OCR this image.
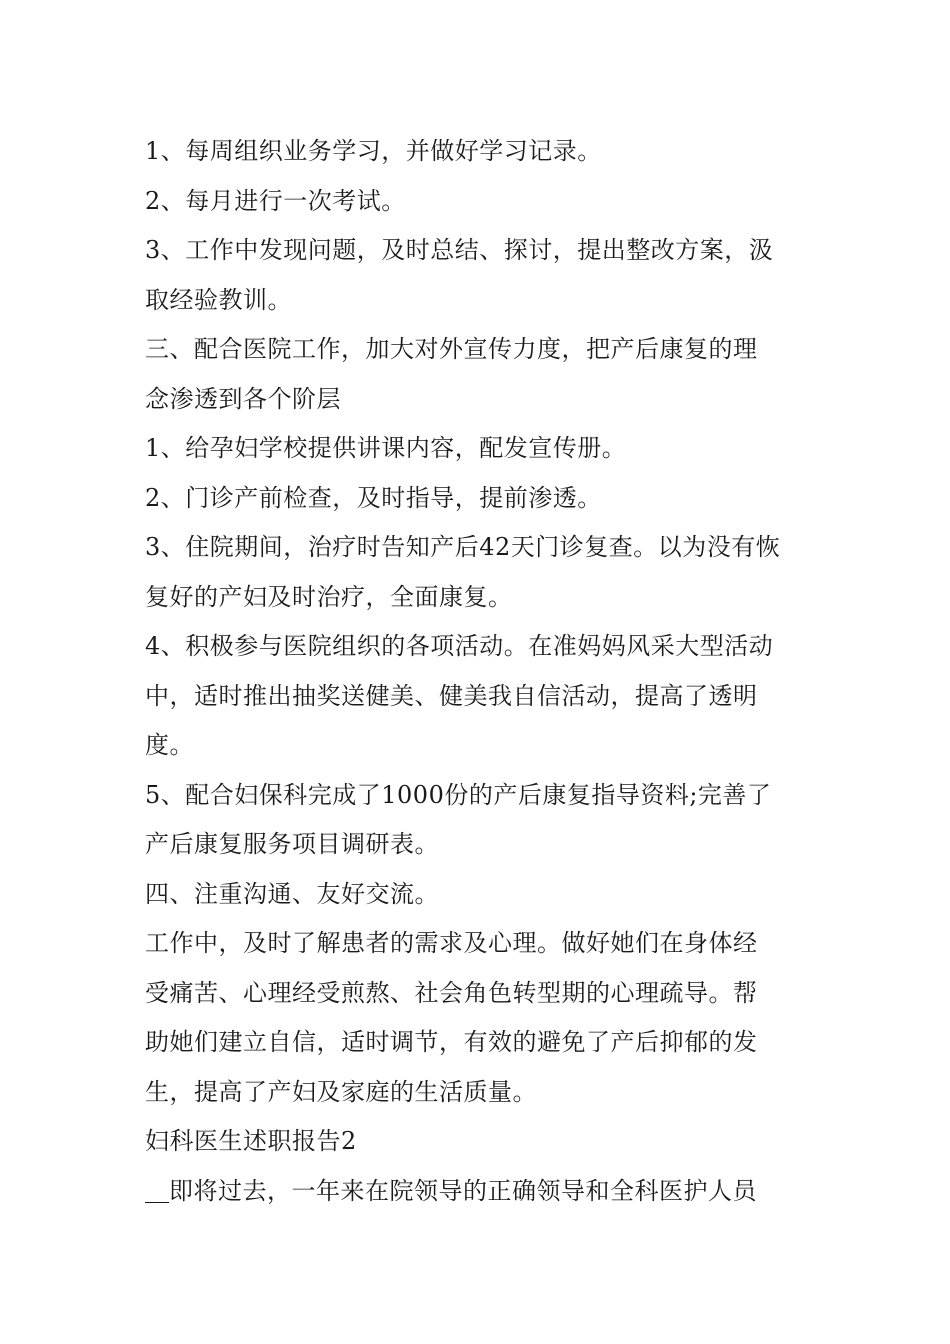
1、每周组织业务学习，并做好学习记录。
2、每月进行一次考试。
3、工作中发现问题，及时总结、探讨，提出整改方案，汲
取经验教训。
三、配合医院工作，加大对外宣传力度，把产后康复的理
念渗透到各个阶层
1、给孕妇学校提供讲课内容，配发宣传册。
2、门诊产前检查，及时指导，提前渗透。
3、住院期间，治疗时告知产后42天门诊复查。以为没有恢
复好的产妇及时治疗，全面康复。
4、积极参与医院组织的各项活动。在准妈妈风采大型活动
中，适时推出抽奖送健美、健美我自信活动，提高了透明
度。
5、配合妇保科完成了1000份的产后康复指导资料;完善了
产后康复服务项目调研表。
四、注重沟通、友好交流。
工作中，及时了解患者的需求及心理。做好她们在身体经
受痛苦、心理经受煎熬、社会角色转型期的心理疏导。帮
助她们建立自信，适时调节，有效的避免了产后抑郁的发
生，提高了产妇及家庭的生活质量。
妇科医生述职报告2
即将过去，一年来在院领导的正确领导和全科医护人员
